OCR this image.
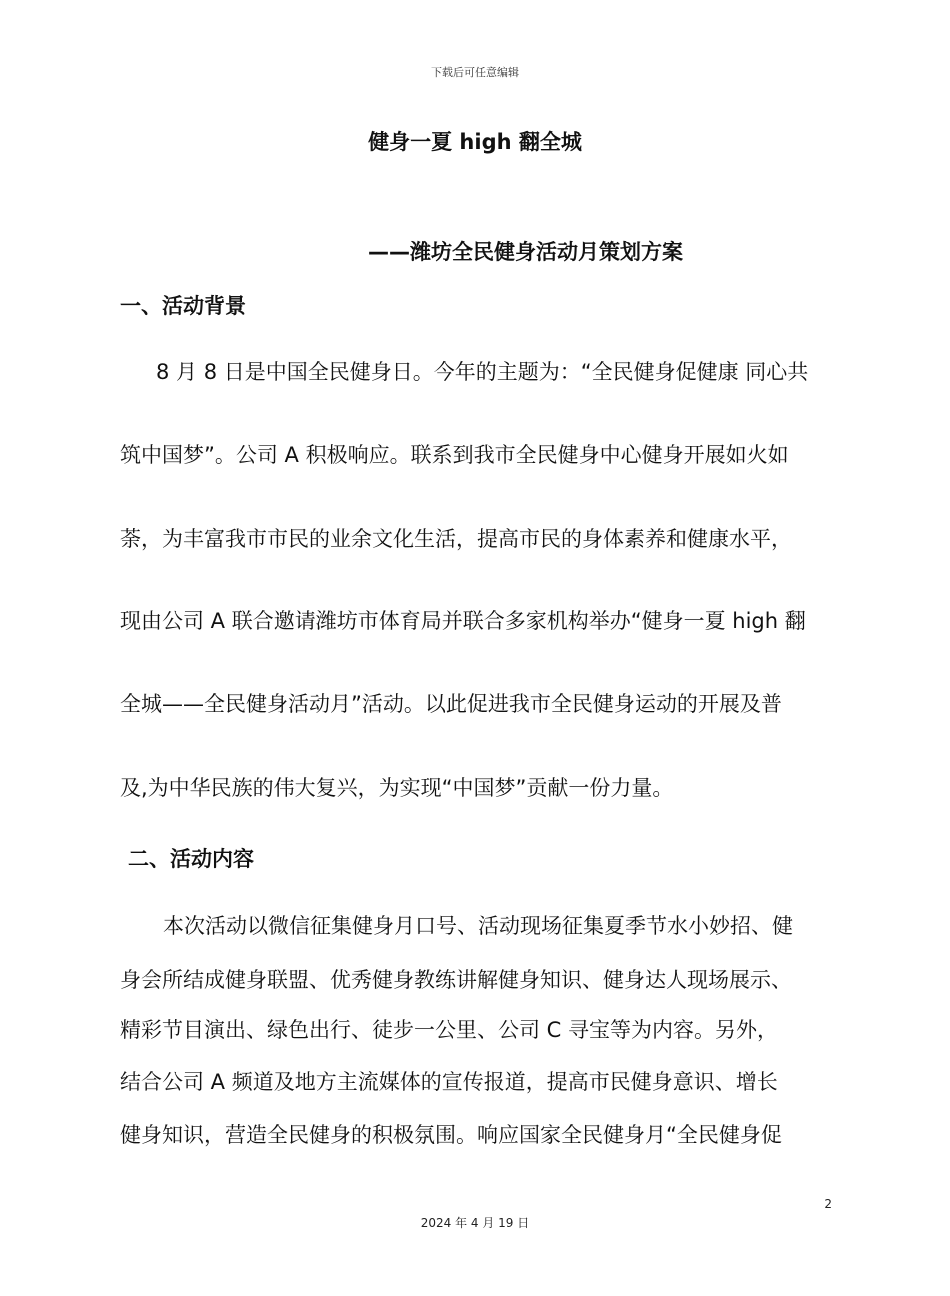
下载后可任意编辑
健身一夏 high 翻全城
——潍坊全民健身活动月策划方案
一、活动背景
8 月 8 日是中国全民健身日。今年的主题为：“全民健身促健康 同心共
筑中国梦”。公司 A 积极响应。联系到我市全民健身中心健身开展如火如
荼，为丰富我市市民的业余文化生活，提高市民的身体素养和健康水平，
现由公司 A 联合邀请潍坊市体育局并联合多家机构举办“健身一夏 high 翻
全城——全民健身活动月”活动。以此促进我市全民健身运动的开展及普
及,为中华民族的伟大复兴，为实现“中国梦”贡献一份力量。
二、活动内容
本次活动以微信征集健身月口号、活动现场征集夏季节水小妙招、健
身会所结成健身联盟、优秀健身教练讲解健身知识、健身达人现场展示、
精彩节目演出、绿色出行、徒步一公里、公司 C 寻宝等为内容。另外，
结合公司 A 频道及地方主流媒体的宣传报道，提高市民健身意识、增长
健身知识，营造全民健身的积极氛围。响应国家全民健身月“全民健身促
2
2024 年 4 月 19 日
